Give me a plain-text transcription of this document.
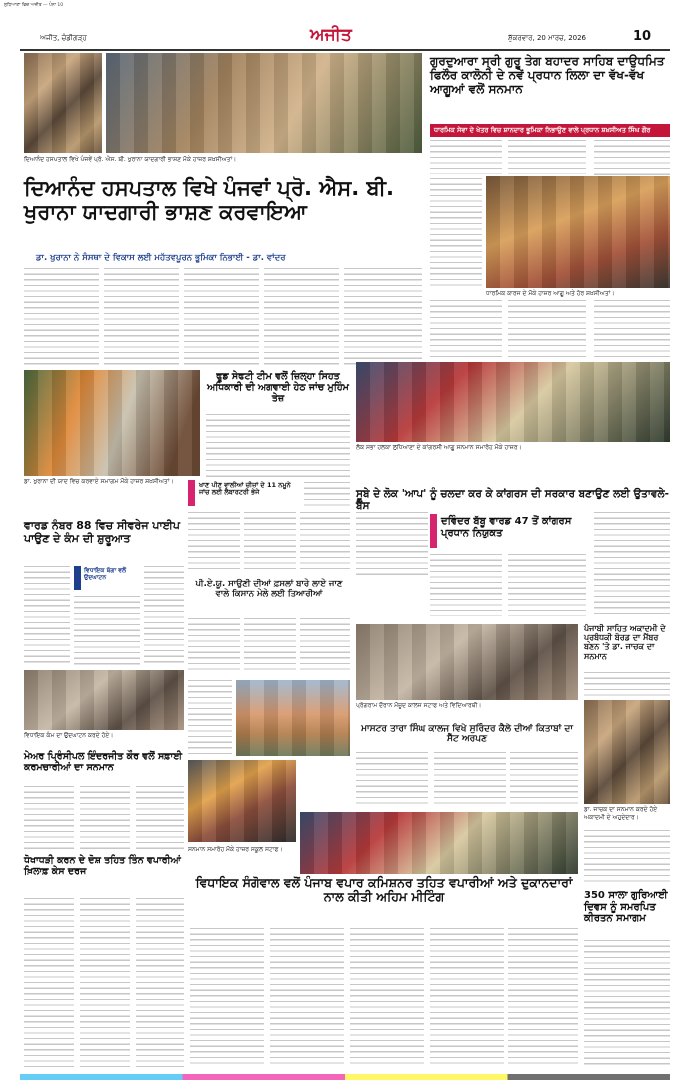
ਲੁਧਿਆਣਾ ਵਿਚ ਅਜੀਤ — ਪੰਨਾ 10
ਅਜੀਤ, ਚੰਡੀਗੜ੍ਹ	ਅਜੀਤ	ਸ਼ੁੱਕਰਵਾਰ, 20 ਮਾਰਚ, 2026	10
ਦਿਆਨੰਦ ਹਸਪਤਾਲ ਵਿਖੇ ਪੰਜਵੇਂ ਪ੍ਰੋ. ਐਸ. ਬੀ. ਖੁਰਾਨਾ ਯਾਦਗਾਰੀ ਭਾਸ਼ਣ ਮੌਕੇ ਹਾਜ਼ਰ ਸ਼ਖ਼ਸੀਅਤਾਂ।
ਦਿਆਨੰਦ ਹਸਪਤਾਲ ਵਿਖੇ ਪੰਜਵਾਂ ਪ੍ਰੋ. ਐਸ. ਬੀ. ਖੁਰਾਨਾ ਯਾਦਗਾਰੀ ਭਾਸ਼ਣ ਕਰਵਾਇਆ
ਡਾ. ਖੁਰਾਨਾ ਨੇ ਸੰਸਥਾ ਦੇ ਵਿਕਾਸ ਲਈ ਮਹੱਤਵਪੂਰਨ ਭੂਮਿਕਾ ਨਿਭਾਈ - ਡਾ. ਵਾਂਦਰ
ਗੁਰਦੁਆਰਾ ਸ੍ਰੀ ਗੁਰੂ ਤੇਗ ਬਹਾਦਰ ਸਾਹਿਬ ਦਾਉਧਮਿਤ ਫਿਲੌਰ ਕਾਲੋਨੀ ਦੇ ਨਵੇਂ ਪ੍ਰਧਾਨ ਲਿਲਾ ਦਾ ਵੱਖ-ਵੱਖ ਆਗੂਆਂ ਵਲੋਂ ਸਨਮਾਨ
ਧਾਰਮਿਕ ਸੇਵਾ ਦੇ ਖੇਤਰ ਵਿਚ ਸ਼ਾਨਦਾਰ ਭੂਮਿਕਾ ਨਿਭਾਉਣ ਵਾਲੇ ਪ੍ਰਧਾਨ ਸ਼ਖ਼ਸੀਅਤ ਸਿੰਘ ਗੌਰ
ਧਾਰਮਿਕ ਕਾਰਜ ਦੇ ਮੌਕੇ ਹਾਜ਼ਰ ਆਗੂ ਅਤੇ ਹੋਰ ਸ਼ਖ਼ਸੀਅਤਾਂ।
ਡਾ. ਖੁਰਾਨਾ ਦੀ ਯਾਦ ਵਿਚ ਕਰਵਾਏ ਸਮਾਗਮ ਮੌਕੇ ਹਾਜ਼ਰ ਸ਼ਖ਼ਸੀਅਤਾਂ।
ਫੂਡ ਸੇਫਟੀ ਟੀਮ ਵਲੋਂ ਜ਼ਿਲ੍ਹਾ ਸਿਹਤ ਅਧਿਕਾਰੀ ਦੀ ਅਗਵਾਈ ਹੇਠ ਜਾਂਚ ਮੁਹਿੰਮ ਤੇਜ਼
ਖਾਣ ਪੀਣ ਵਾਲੀਆਂ ਚੀਜ਼ਾਂ ਦੇ 11 ਨਮੂਨੇ ਜਾਂਚ ਲਈ ਲੈਬਾਰਟਰੀ ਭੇਜੇ
ਲੋਕ ਸਭਾ ਹਲਕਾ ਲੁਧਿਆਣਾ ਦੇ ਕਾਂਗਰਸੀ ਆਗੂ ਸਨਮਾਨ ਸਮਾਰੋਹ ਮੌਕੇ ਹਾਜ਼ਰ।
ਸੂਬੇ ਦੇ ਲੋਕ 'ਆਪ' ਨੂੰ ਚਲਦਾ ਕਰ ਕੇ ਕਾਂਗਰਸ ਦੀ ਸਰਕਾਰ ਬਣਾਉਣ ਲਈ ਉਤਾਵਲੇ-ਬੈਂਸ
ਵਾਰਡ ਨੰਬਰ 88 ਵਿਚ ਸੀਵਰੇਜ ਪਾਈਪ ਪਾਉਣ ਦੇ ਕੰਮ ਦੀ ਸ਼ੁਰੂਆਤ
ਵਿਧਾਇਕ ਬੱਗਾ ਵਲੋਂ ਉਦਘਾਟਨ
ਵਿਧਾਇਕ ਕੰਮ ਦਾ ਉਦਘਾਟਨ ਕਰਦੇ ਹੋਏ।
ਪੀ.ਏ.ਯੂ. ਸਾਉਣੀ ਦੀਆਂ ਫ਼ਸਲਾਂ ਬਾਰੇ ਲਾਏ ਜਾਣ ਵਾਲੇ ਕਿਸਾਨ ਮੇਲੇ ਲਈ ਤਿਆਰੀਆਂ
ਦਵਿੰਦਰ ਬੱਬੂ ਵਾਰਡ 47 ਤੋਂ ਕਾਂਗਰਸ ਪ੍ਰਧਾਨ ਨਿਯੁਕਤ
ਪ੍ਰੋਗਰਾਮ ਦੌਰਾਨ ਮੌਜੂਦ ਕਾਲਜ ਸਟਾਫ ਅਤੇ ਵਿਦਿਆਰਥੀ।
ਮਾਸਟਰ ਤਾਰਾ ਸਿੰਘ ਕਾਲਜ ਵਿਖੇ ਸੁਰਿੰਦਰ ਕੈਲੇ ਦੀਆਂ ਕਿਤਾਬਾਂ ਦਾ ਸੈੱਟ ਅਰਪਣ
ਪੰਜਾਬੀ ਸਾਹਿਤ ਅਕਾਦਮੀ ਦੇ ਪ੍ਰਬੰਧਕੀ ਬੋਰਡ ਦਾ ਮੈਂਬਰ ਬਣਨ 'ਤੇ ਡਾ. ਜਾਚਕ ਦਾ ਸਨਮਾਨ
ਡਾ. ਜਾਚਕ ਦਾ ਸਨਮਾਨ ਕਰਦੇ ਹੋਏ ਅਕਾਦਮੀ ਦੇ ਅਹੁਦੇਦਾਰ।
ਮੇਅਰ ਪ੍ਰਿੰਸੀਪਲ ਇੰਦਰਜੀਤ ਕੌਰ ਵਲੋਂ ਸਫ਼ਾਈ ਕਰਮਚਾਰੀਆਂ ਦਾ ਸਨਮਾਨ
ਸਨਮਾਨ ਸਮਾਰੋਹ ਮੌਕੇ ਹਾਜ਼ਰ ਸਕੂਲ ਸਟਾਫ।
ਧੋਖਾਧੜੀ ਕਰਨ ਦੇ ਦੋਸ਼ ਤਹਿਤ ਤਿੰਨ ਵਪਾਰੀਆਂ ਖ਼ਿਲਾਫ਼ ਕੇਸ ਦਰਜ
ਵਿਧਾਇਕ ਸੰਗੋਵਾਲ ਵਲੋਂ ਪੰਜਾਬ ਵਪਾਰ ਕਮਿਸ਼ਨਰ ਤਹਿਤ ਵਪਾਰੀਆਂ ਅਤੇ ਦੁਕਾਨਦਾਰਾਂ ਨਾਲ ਕੀਤੀ ਅਹਿਮ ਮੀਟਿੰਗ	350 ਸਾਲਾ ਗੁਰਿਆਈ ਦਿਵਸ ਨੂੰ ਸਮਰਪਿਤ ਕੀਰਤਨ ਸਮਾਗਮ
